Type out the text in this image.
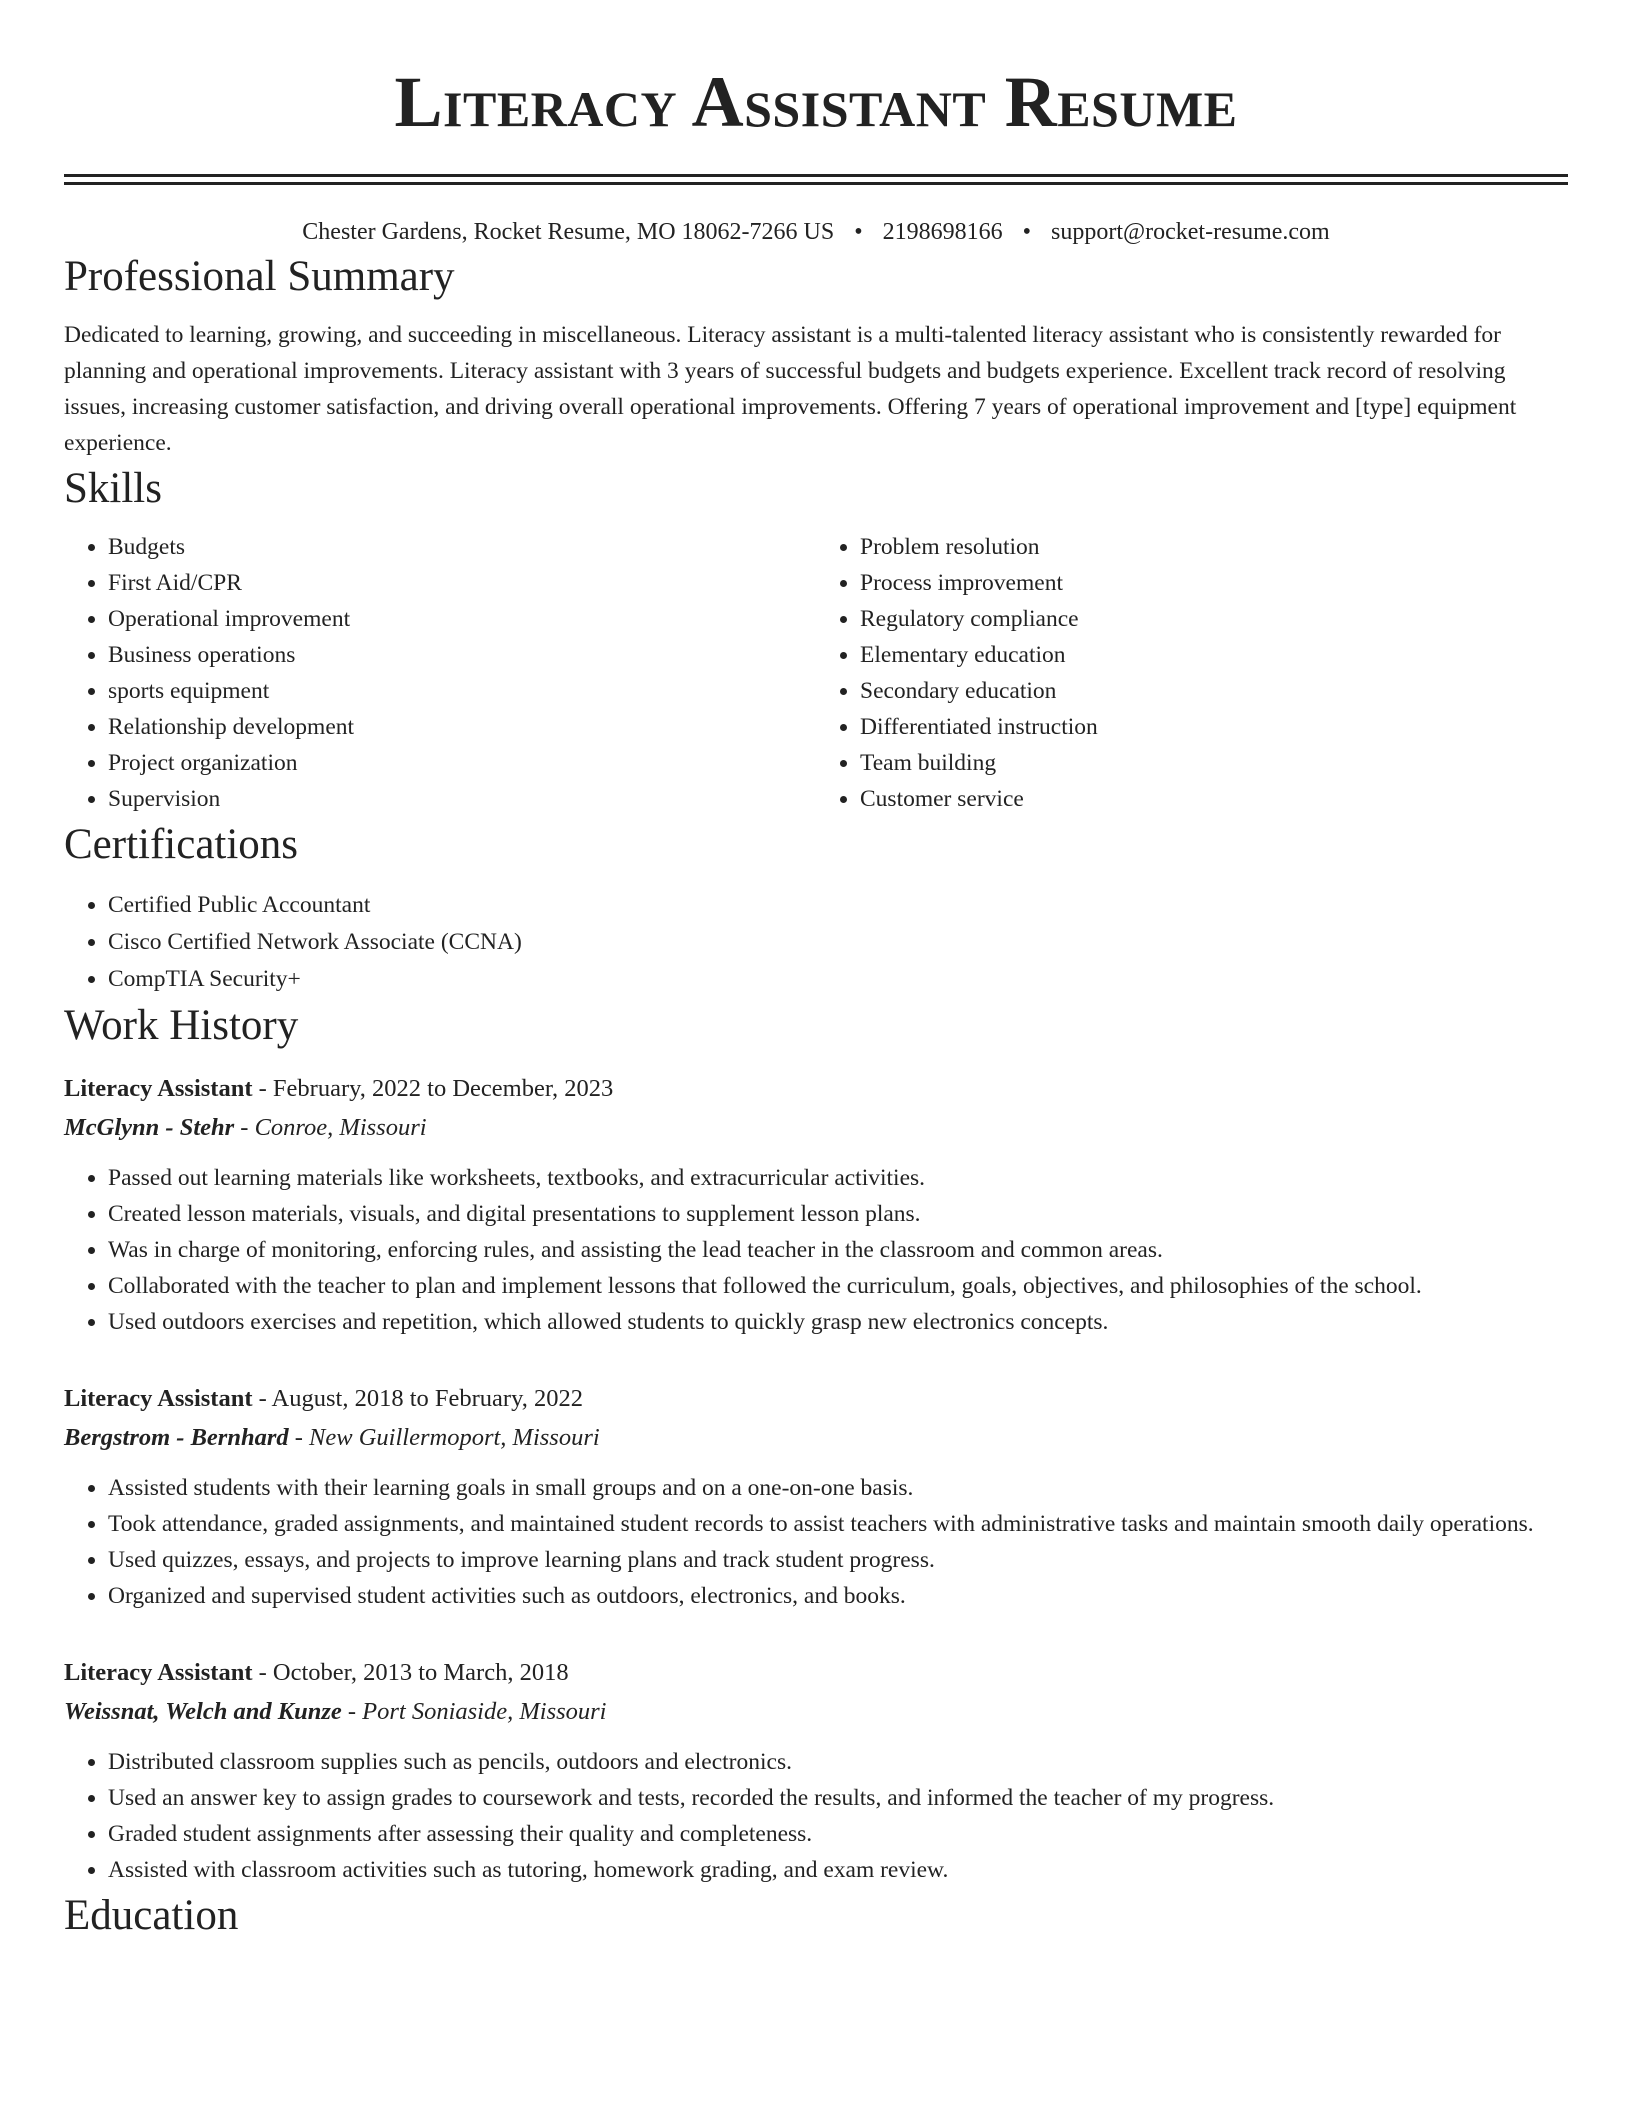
Literacy Assistant Resume
Chester Gardens, Rocket Resume, MO 18062-7266 US • 2198698166 • support@rocket-resume.com
Professional Summary

Dedicated to learning, growing, and succeeding in miscellaneous. Literacy assistant is a multi-talented literacy assistant who is consistently rewarded for planning and operational improvements. Literacy assistant with 3 years of successful budgets and budgets experience. Excellent track record of resolving issues, increasing customer satisfaction, and driving overall operational improvements. Offering 7 years of operational improvement and [type] equipment experience.

Skills
• Budgets
• First Aid/CPR
• Operational improvement
• Business operations
• sports equipment
• Relationship development
• Project organization
• Supervision
• Problem resolution
• Process improvement
• Regulatory compliance
• Elementary education
• Secondary education
• Differentiated instruction
• Team building
• Customer service
Certifications
• Certified Public Accountant
• Cisco Certified Network Associate (CCNA)
• CompTIA Security+
Work History
Literacy Assistant - February, 2022 to December, 2023
McGlynn - Stehr - Conroe, Missouri
• Passed out learning materials like worksheets, textbooks, and extracurricular activities.
• Created lesson materials, visuals, and digital presentations to supplement lesson plans.
• Was in charge of monitoring, enforcing rules, and assisting the lead teacher in the classroom and common areas.
• Collaborated with the teacher to plan and implement lessons that followed the curriculum, goals, objectives, and philosophies of the school.
• Used outdoors exercises and repetition, which allowed students to quickly grasp new electronics concepts.
Literacy Assistant - August, 2018 to February, 2022
Bergstrom - Bernhard - New Guillermoport, Missouri
• Assisted students with their learning goals in small groups and on a one-on-one basis.
• Took attendance, graded assignments, and maintained student records to assist teachers with administrative tasks and maintain smooth daily operations.
• Used quizzes, essays, and projects to improve learning plans and track student progress.
• Organized and supervised student activities such as outdoors, electronics, and books.
Literacy Assistant - October, 2013 to March, 2018
Weissnat, Welch and Kunze - Port Soniaside, Missouri
• Distributed classroom supplies such as pencils, outdoors and electronics.
• Used an answer key to assign grades to coursework and tests, recorded the results, and informed the teacher of my progress.
• Graded student assignments after assessing their quality and completeness.
• Assisted with classroom activities such as tutoring, homework grading, and exam review.
Education
